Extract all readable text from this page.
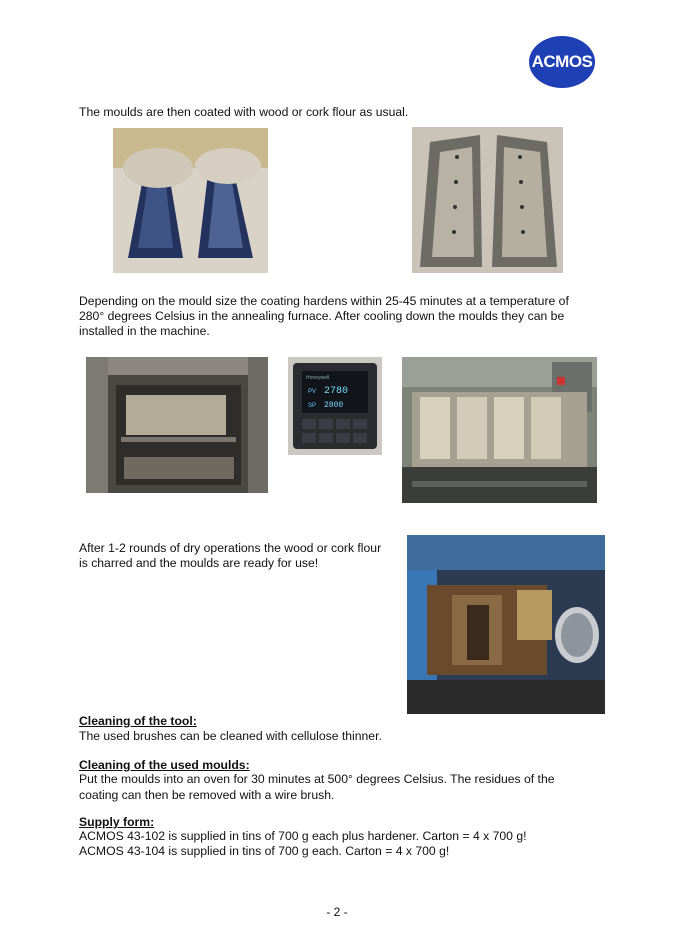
ACMOS
The moulds are then coated with wood or cork flour as usual.
Depending on the mould size the coating hardens within 25-45 minutes at a temperature of
280° degrees Celsius in the annealing furnace. After cooling down the moulds they can be
installed in the machine.
Honeywell
PV 2780
SP 2800
After 1-2 rounds of dry operations the wood or cork flour
is charred and the moulds are ready for use!
Cleaning of the tool:
The used brushes can be cleaned with cellulose thinner.
Cleaning of the used moulds:
Put the moulds into an oven for 30 minutes at 500° degrees Celsius. The residues of the
coating can then be removed with a wire brush.
Supply form:
ACMOS 43-102 is supplied in tins of 700 g each plus hardener. Carton = 4 x 700 g!
ACMOS 43-104 is supplied in tins of 700 g each. Carton = 4 x 700 g!
- 2 -
